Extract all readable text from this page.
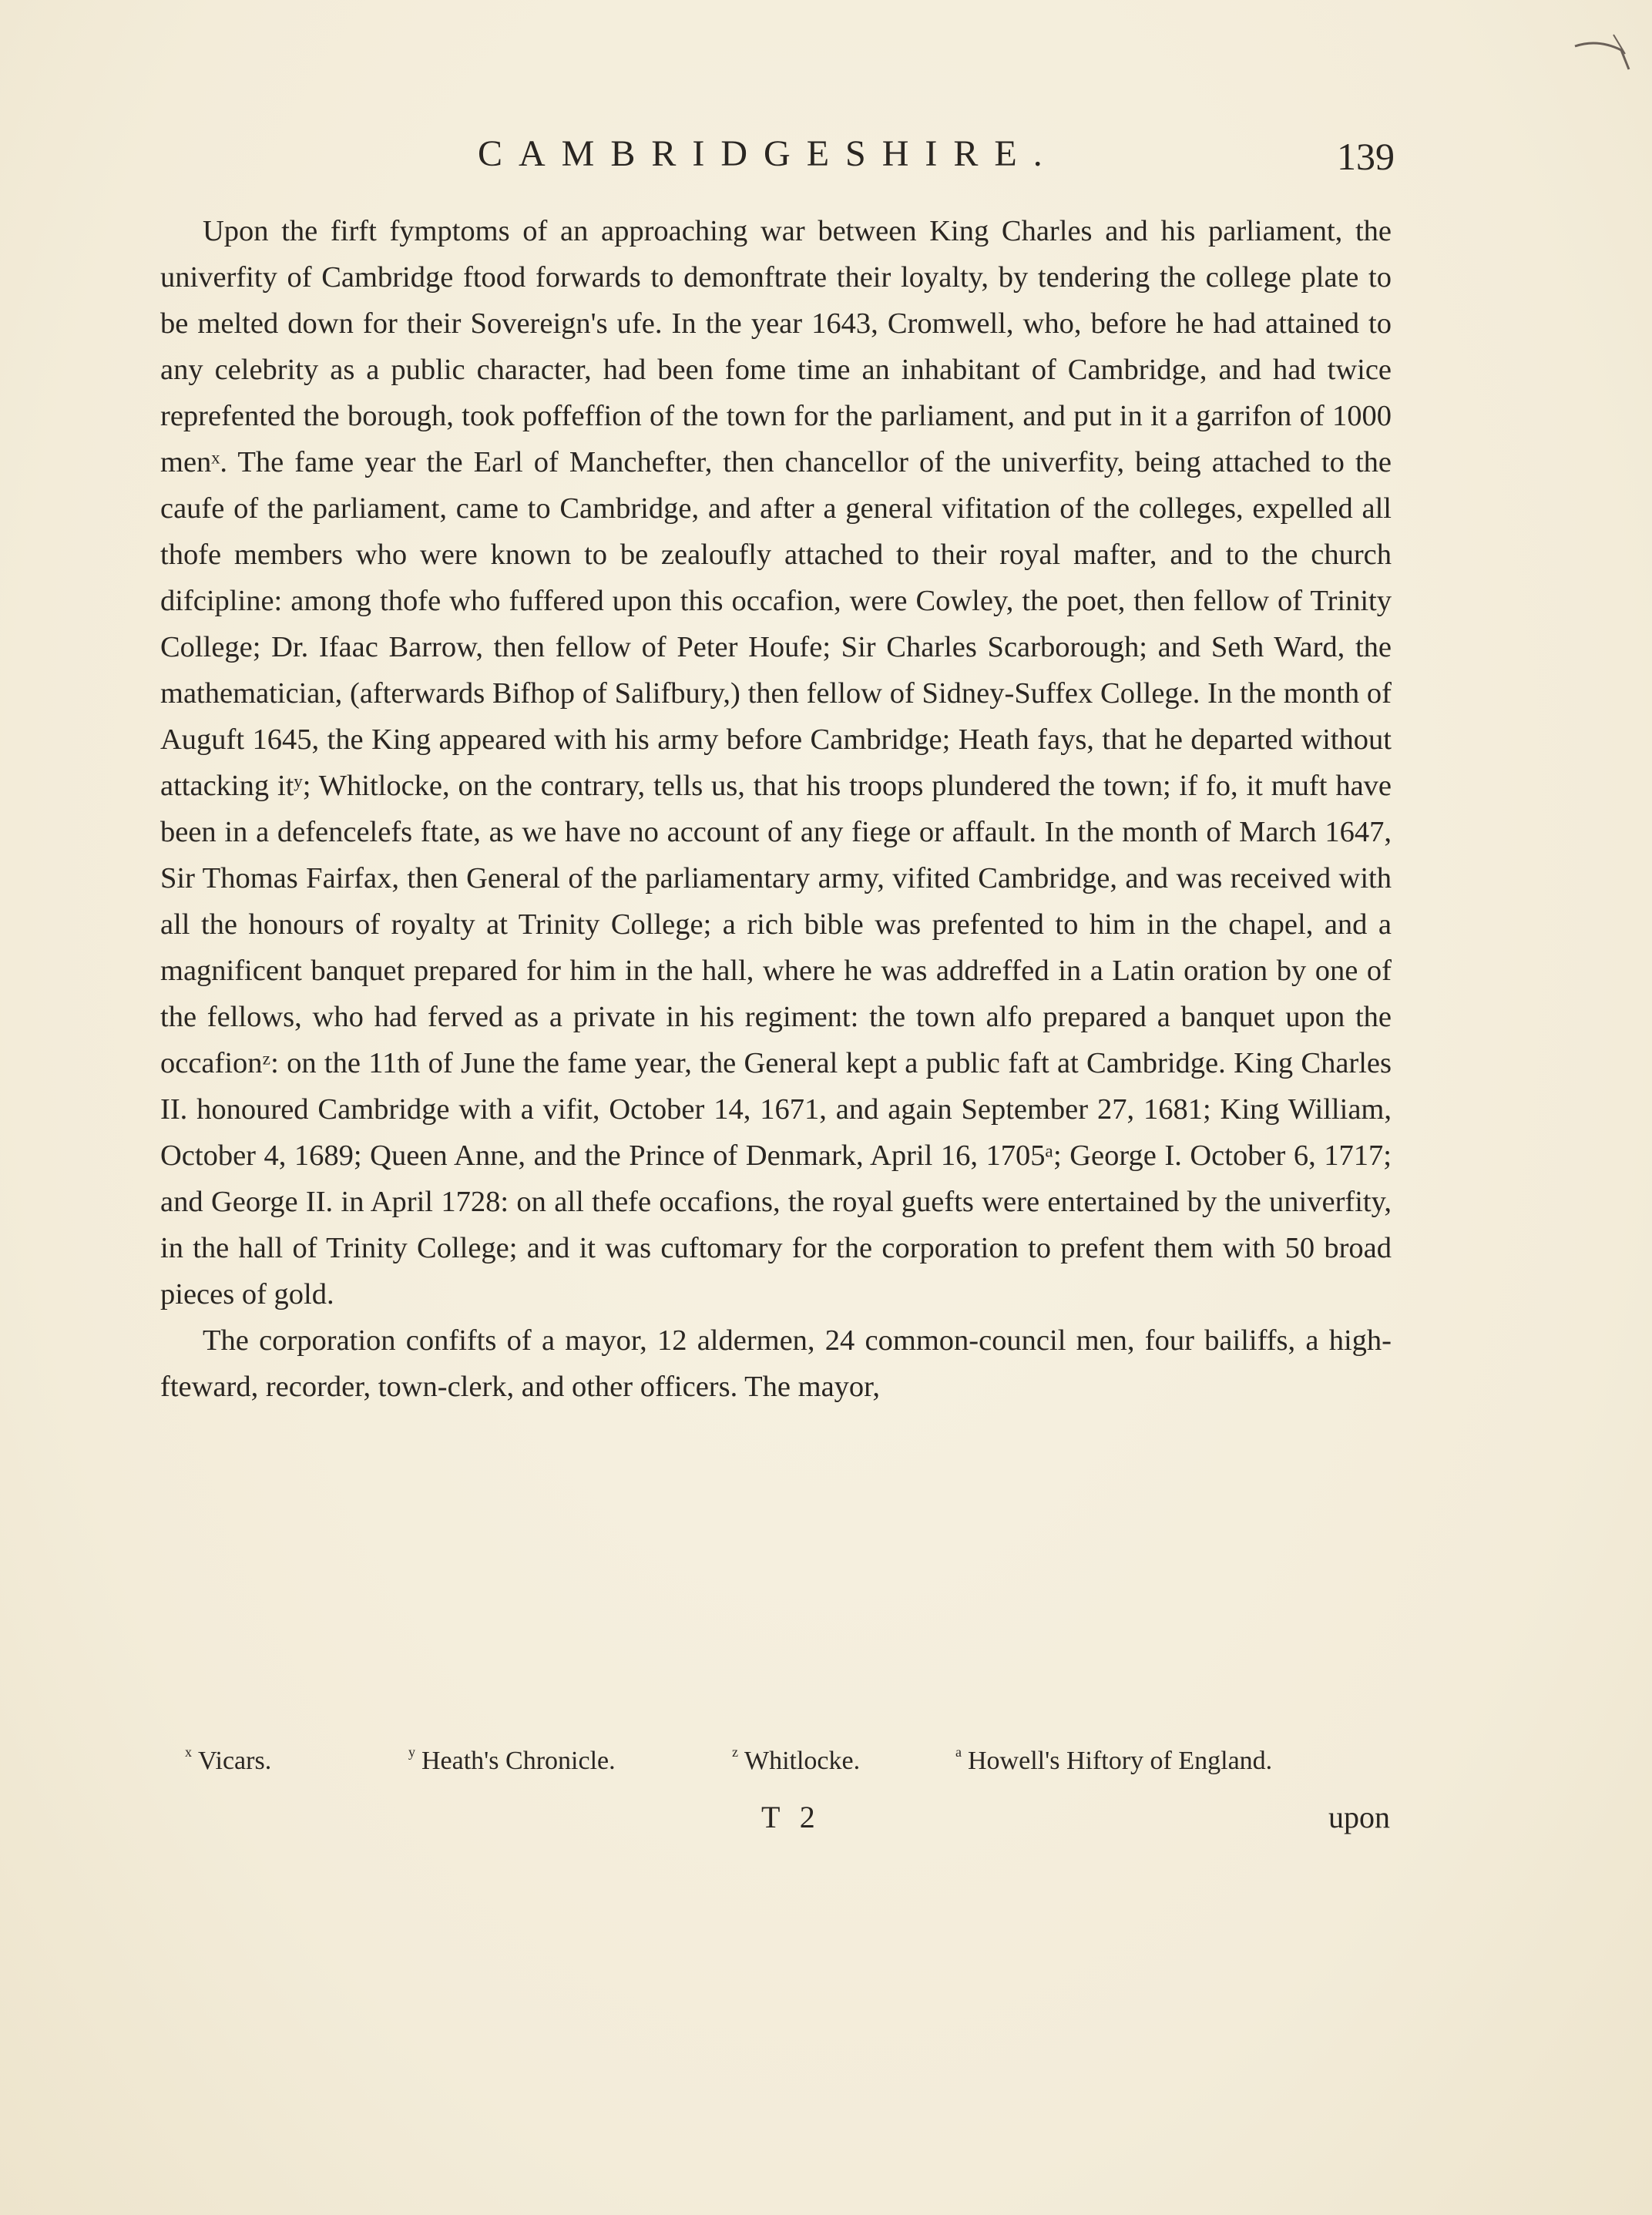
CAMBRIDGESHIRE.	139

Upon the firft fymptoms of an approaching war between King Charles and his parliament, the univerfity of Cambridge ftood forwards to demonftrate their loyalty, by tendering the college plate to be melted down for their Sovereign's ufe. In the year 1643, Cromwell, who, before he had attained to any celebrity as a public character, had been fome time an inhabitant of Cambridge, and had twice reprefented the borough, took poffeffion of the town for the parliament, and put in it a garrifon of 1000 menˣ. The fame year the Earl of Manchefter, then chancellor of the univerfity, being attached to the caufe of the parliament, came to Cambridge, and after a general vifitation of the colleges, expelled all thofe members who were known to be zealoufly attached to their royal mafter, and to the church difcipline: among thofe who fuffered upon this occafion, were Cowley, the poet, then fellow of Trinity College; Dr. Ifaac Barrow, then fellow of Peter Houfe; Sir Charles Scarborough; and Seth Ward, the mathematician, (afterwards Bifhop of Salifbury,) then fellow of Sidney-Suffex College. In the month of Auguft 1645, the King appeared with his army before Cambridge; Heath fays, that he departed without attacking itʸ; Whitlocke, on the contrary, tells us, that his troops plundered the town; if fo, it muft have been in a defencelefs ftate, as we have no account of any fiege or affault. In the month of March 1647, Sir Thomas Fairfax, then General of the parliamentary army, vifited Cambridge, and was received with all the honours of royalty at Trinity College; a rich bible was prefented to him in the chapel, and a magnificent banquet prepared for him in the hall, where he was addreffed in a Latin oration by one of the fellows, who had ferved as a private in his regiment: the town alfo prepared a banquet upon the occafionᶻ: on the 11th of June the fame year, the General kept a public faft at Cambridge. King Charles II. honoured Cambridge with a vifit, October 14, 1671, and again September 27, 1681; King William, October 4, 1689; Queen Anne, and the Prince of Denmark, April 16, 1705ᵃ; George I. October 6, 1717; and George II. in April 1728: on all thefe occafions, the royal guefts were entertained by the univerfity, in the hall of Trinity College; and it was cuftomary for the corporation to prefent them with 50 broad pieces of gold.

The corporation confifts of a mayor, 12 aldermen, 24 common-council men, four bailiffs, a high-fteward, recorder, town-clerk, and other officers. The mayor,

$^x$ Vicars.	$^y$ Heath's Chronicle.	$^z$ Whitlocke.	$^a$ Howell's Hiftory of England.
T 2	upon
